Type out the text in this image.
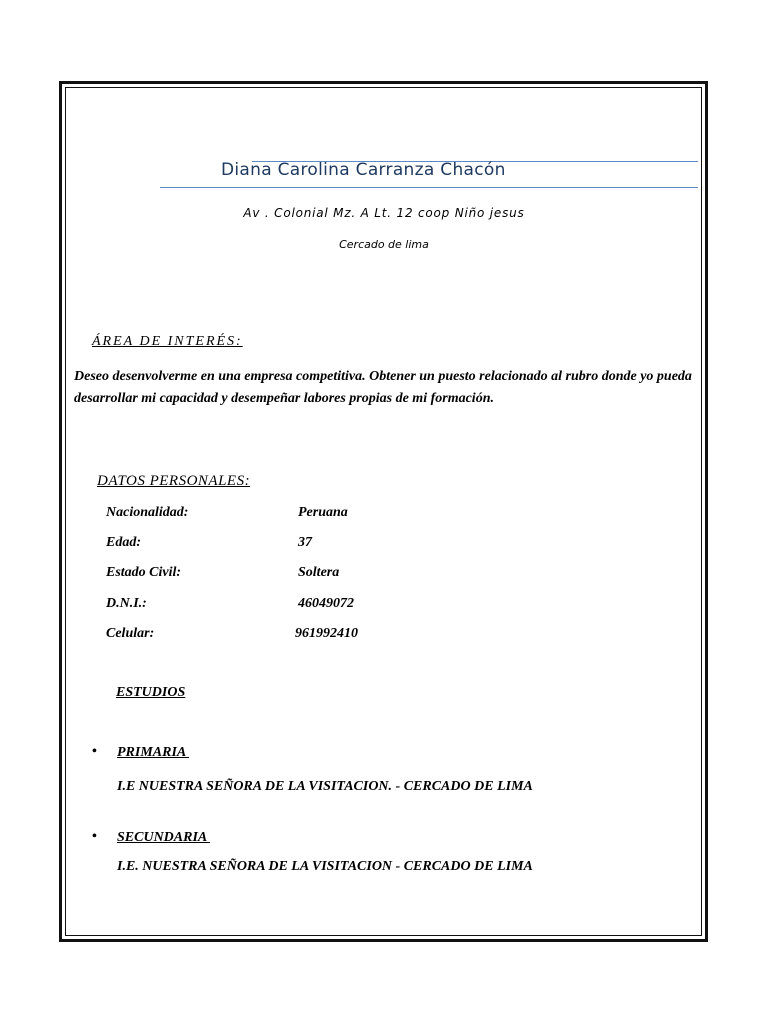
Diana Carolina Carranza Chacón
Av . Colonial Mz. A Lt. 12 coop Niño jesus
Cercado de lima
ÁREA DE INTERÉS:
Deseo desenvolverme en una empresa competitiva. Obtener un puesto relacionado al rubro donde yo pueda desarrollar mi capacidad y desempeñar labores propias de mi formación.
DATOS PERSONALES:
Nacionalidad:	Peruana
Edad:	37
Estado Civil:	Soltera
D.N.I.:	46049072
Celular:	961992410
ESTUDIOS
• PRIMARIA
I.E NUESTRA SEÑORA DE LA VISITACION. - CERCADO DE LIMA
• SECUNDARIA
I.E. NUESTRA SEÑORA DE LA VISITACION - CERCADO DE LIMA
